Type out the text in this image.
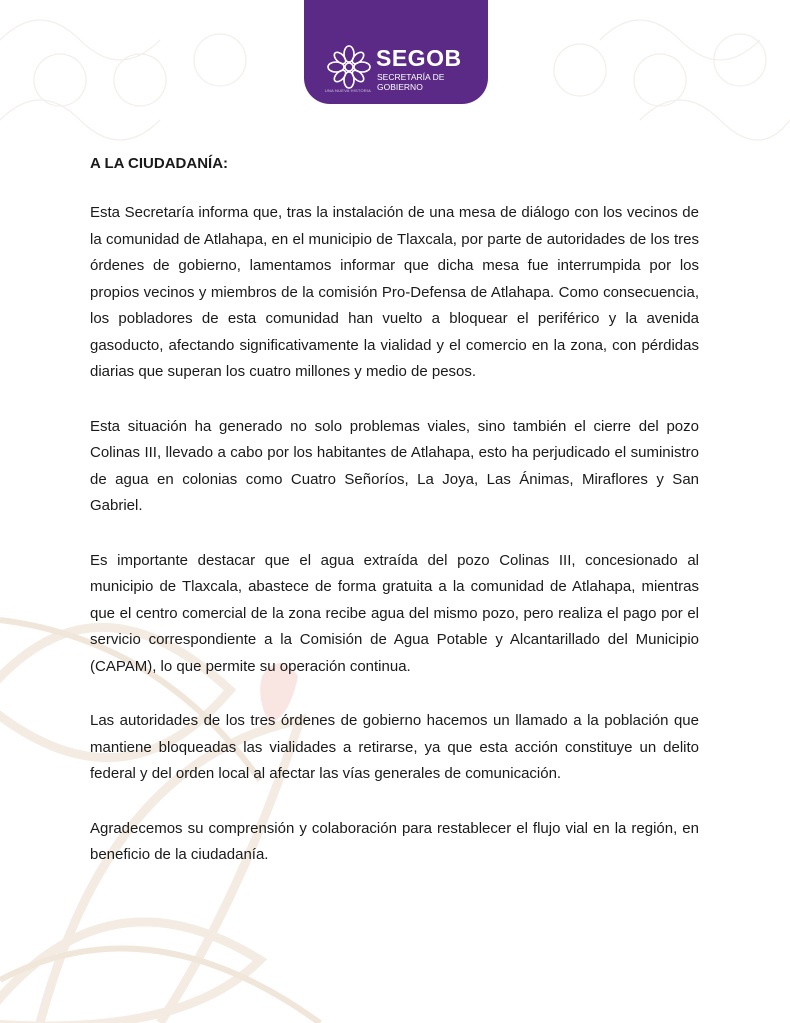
UNA NUEVA HISTORIA
SEGOB
SECRETARÍA DE
GOBIERNO
A LA CIUDADANÍA:

Esta Secretaría informa que, tras la instalación de una mesa de diálogo con los vecinos de la comunidad de Atlahapa, en el municipio de Tlaxcala, por parte de autoridades de los tres órdenes de gobierno, lamentamos informar que dicha mesa fue interrumpida por los propios vecinos y miembros de la comisión Pro-Defensa de Atlahapa. Como consecuencia, los pobladores de esta comunidad han vuelto a bloquear el periférico y la avenida gasoducto, afectando significativamente la vialidad y el comercio en la zona, con pérdidas diarias que superan los cuatro millones y medio de pesos.

Esta situación ha generado no solo problemas viales, sino también el cierre del pozo Colinas III, llevado a cabo por los habitantes de Atlahapa, esto ha perjudicado el suministro de agua en colonias como Cuatro Señoríos, La Joya, Las Ánimas, Miraflores y San Gabriel.

Es importante destacar que el agua extraída del pozo Colinas III, concesionado al municipio de Tlaxcala, abastece de forma gratuita a la comunidad de Atlahapa, mientras que el centro comercial de la zona recibe agua del mismo pozo, pero realiza el pago por el servicio correspondiente a la Comisión de Agua Potable y Alcantarillado del Municipio (CAPAM), lo que permite su operación continua.

Las autoridades de los tres órdenes de gobierno hacemos un llamado a la población que mantiene bloqueadas las vialidades a retirarse, ya que esta acción constituye un delito federal y del orden local al afectar las vías generales de comunicación.

Agradecemos su comprensión y colaboración para restablecer el flujo vial en la región, en beneficio de la ciudadanía.
